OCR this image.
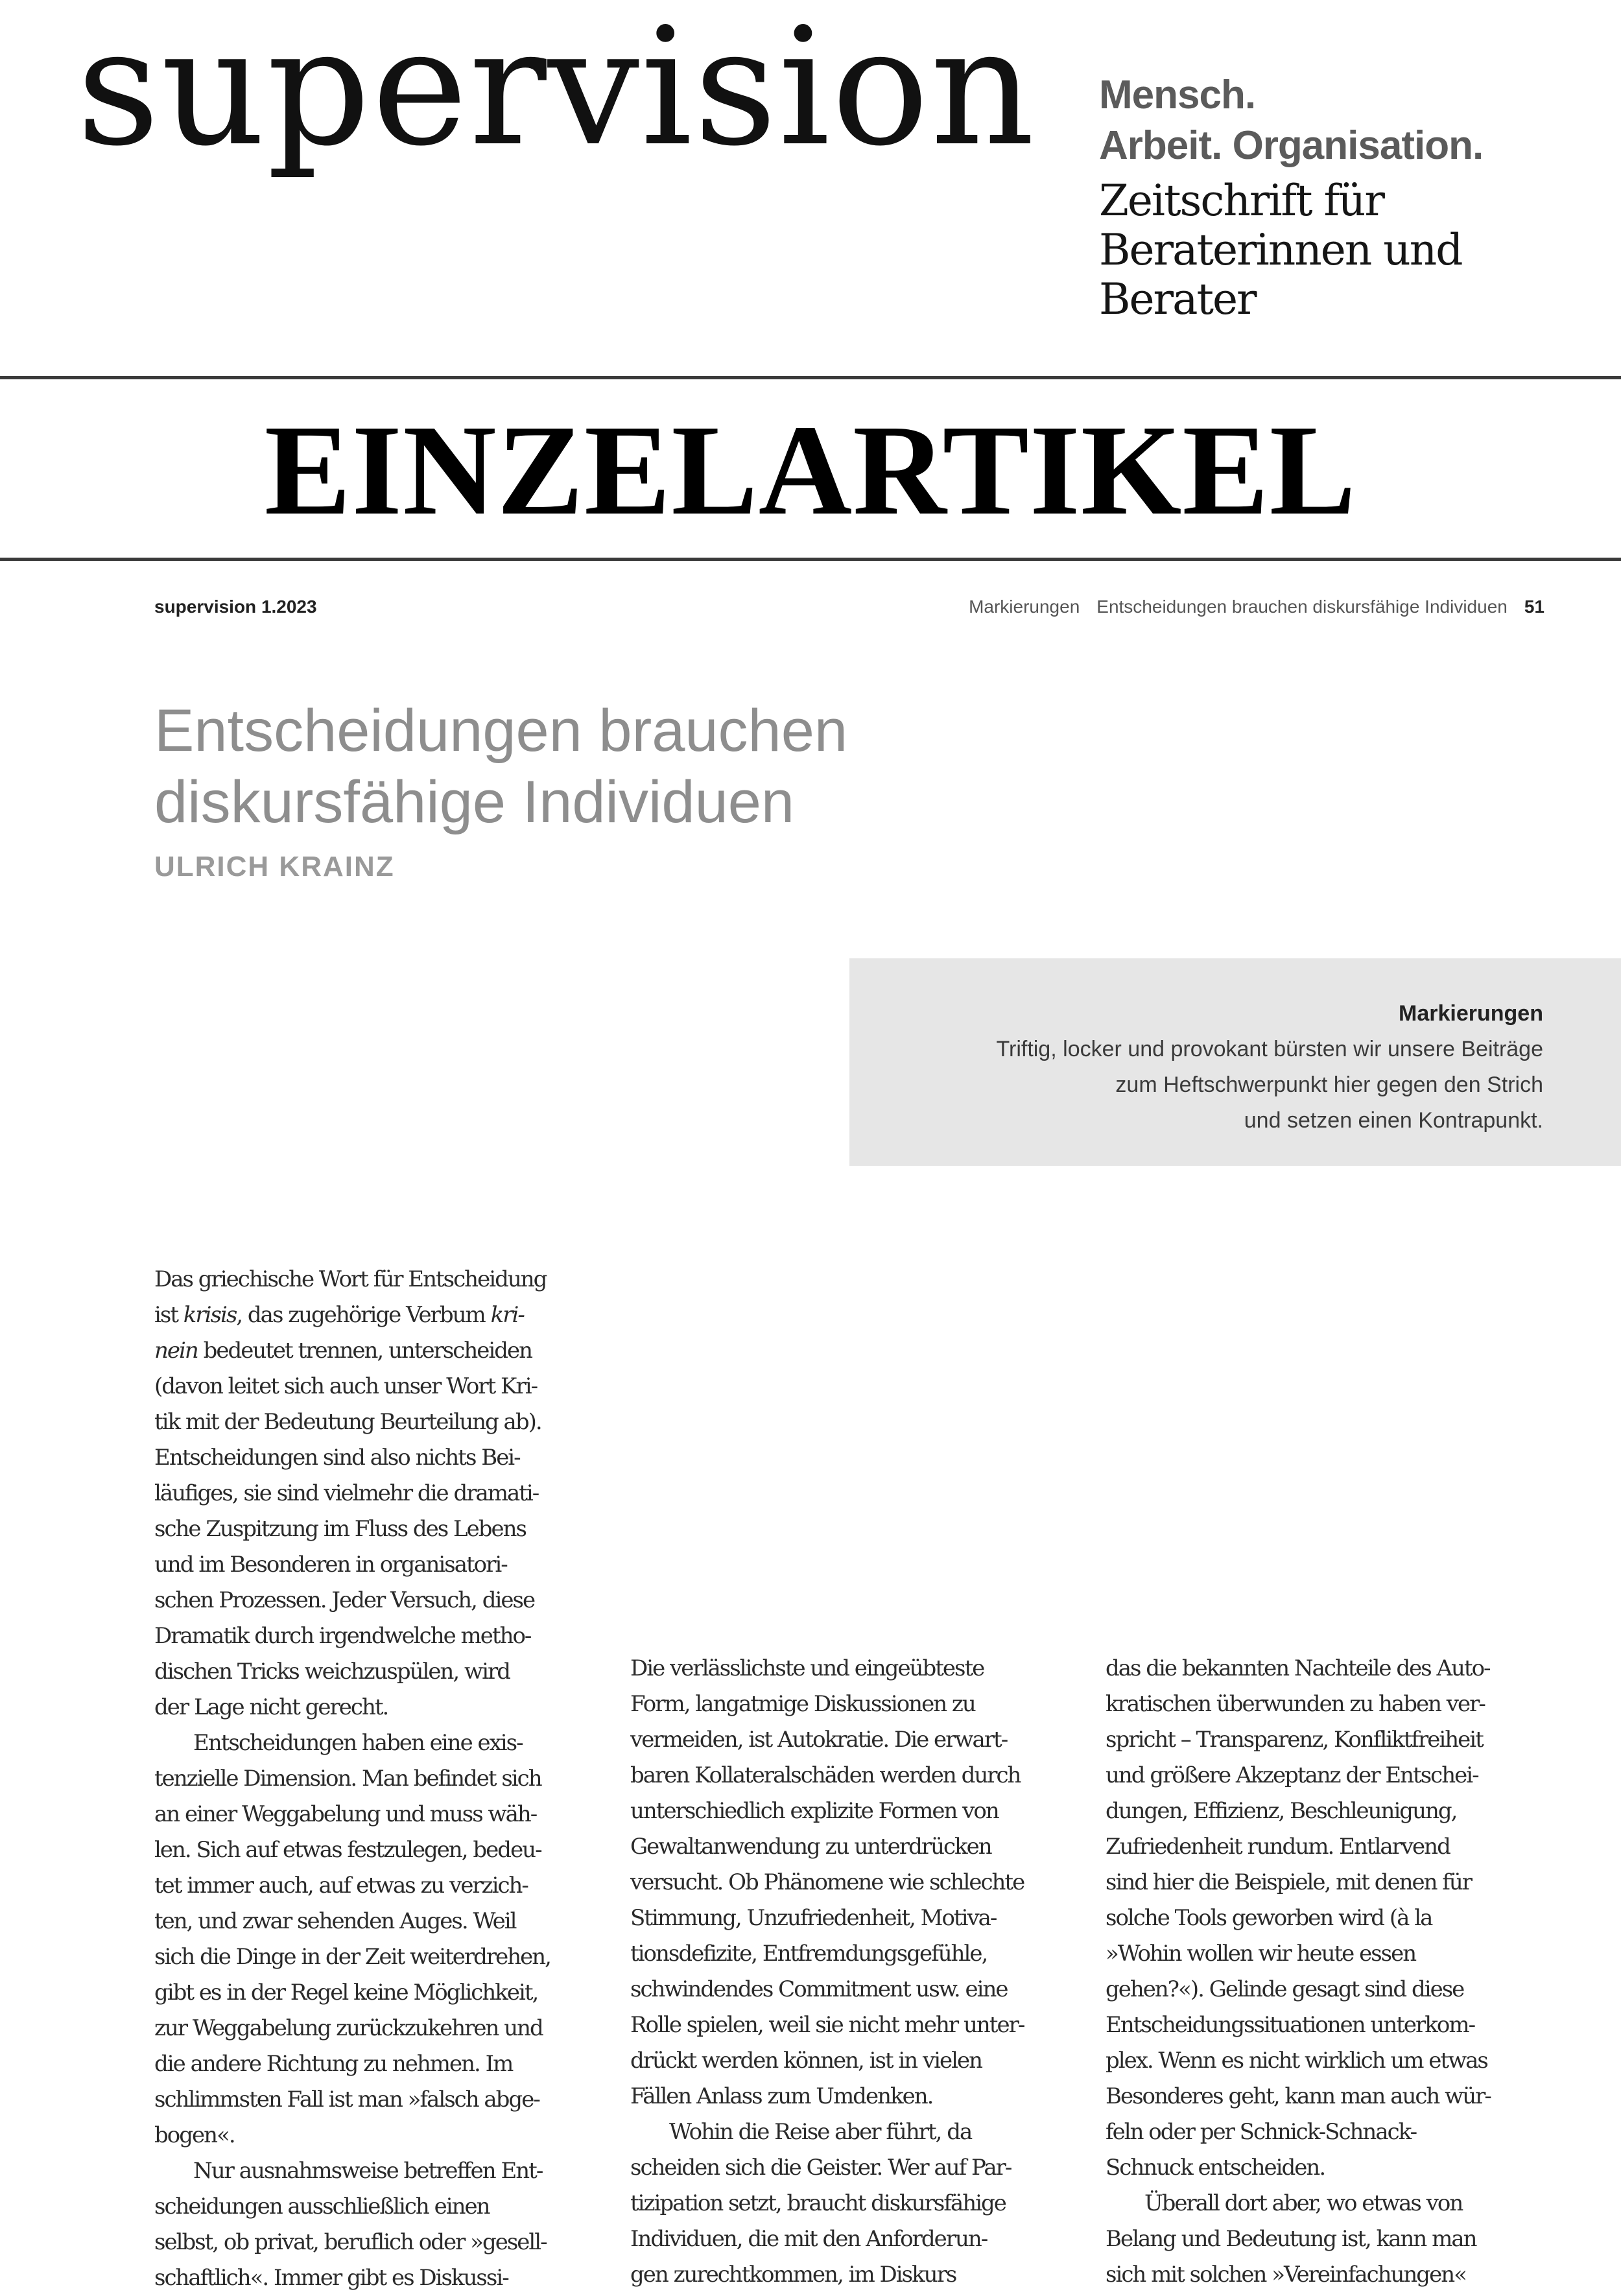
supervision Mensch.
Arbeit. Organisation.
Zeitschrift für
Beraterinnen und
Berater
EINZELARTIKEL
supervision 1.2023	Markierungen Entscheidungen brauchen diskursfähige Individuen 51
Entscheidungen brauchen
diskursfähige Individuen
ULRICH KRAINZ
Markierungen
Triftig, locker und provokant bürsten wir unsere Beiträge
zum Heftschwerpunkt hier gegen den Strich
und setzen einen Kontrapunkt.
Das griechische Wort für Entscheidung
ist krisis, das zugehörige Verbum kri-
nein bedeutet trennen, unterscheiden
(davon leitet sich auch unser Wort Kri-
tik mit der Bedeutung Beurteilung ab).
Entscheidungen sind also nichts Bei-
läufiges, sie sind vielmehr die dramati-
sche Zuspitzung im Fluss des Lebens
und im Besonderen in organisatori-
schen Prozessen. Jeder Versuch, diese
Dramatik durch irgendwelche metho-
dischen Tricks weichzuspülen, wird
der Lage nicht gerecht.
Entscheidungen haben eine exis-
tenzielle Dimension. Man befindet sich
an einer Weggabelung und muss wäh-
len. Sich auf etwas festzulegen, bedeu-
tet immer auch, auf etwas zu verzich-
ten, und zwar sehenden Auges. Weil
sich die Dinge in der Zeit weiterdrehen,
gibt es in der Regel keine Möglichkeit,
zur Weggabelung zurückzukehren und
die andere Richtung zu nehmen. Im
schlimmsten Fall ist man »falsch abge-
bogen«.
Nur ausnahmsweise betreffen Ent-
scheidungen ausschließlich einen
selbst, ob privat, beruflich oder »gesell-
schaftlich«. Immer gibt es Diskussi-
Die verlässlichste und eingeübteste
Form, langatmige Diskussionen zu
vermeiden, ist Autokratie. Die erwart-
baren Kollateralschäden werden durch
unterschiedlich explizite Formen von
Gewaltanwendung zu unterdrücken
versucht. Ob Phänomene wie schlechte
Stimmung, Unzufriedenheit, Motiva-
tionsdefizite, Entfremdungsgefühle,
schwindendes Commitment usw. eine
Rolle spielen, weil sie nicht mehr unter-
drückt werden können, ist in vielen
Fällen Anlass zum Umdenken.
Wohin die Reise aber führt, da
scheiden sich die Geister. Wer auf Par-
tizipation setzt, braucht diskursfähige
Individuen, die mit den Anforderun-
gen zurechtkommen, im Diskurs
das die bekannten Nachteile des Auto-
kratischen überwunden zu haben ver-
spricht – Transparenz, Konfliktfreiheit
und größere Akzeptanz der Entschei-
dungen, Effizienz, Beschleunigung,
Zufriedenheit rundum. Entlarvend
sind hier die Beispiele, mit denen für
solche Tools geworben wird (à la
»Wohin wollen wir heute essen
gehen?«). Gelinde gesagt sind diese
Entscheidungssituationen unterkom-
plex. Wenn es nicht wirklich um etwas
Besonderes geht, kann man auch wür-
feln oder per Schnick-Schnack-
Schnuck entscheiden.
Überall dort aber, wo etwas von
Belang und Bedeutung ist, kann man
sich mit solchen »Vereinfachungen«
